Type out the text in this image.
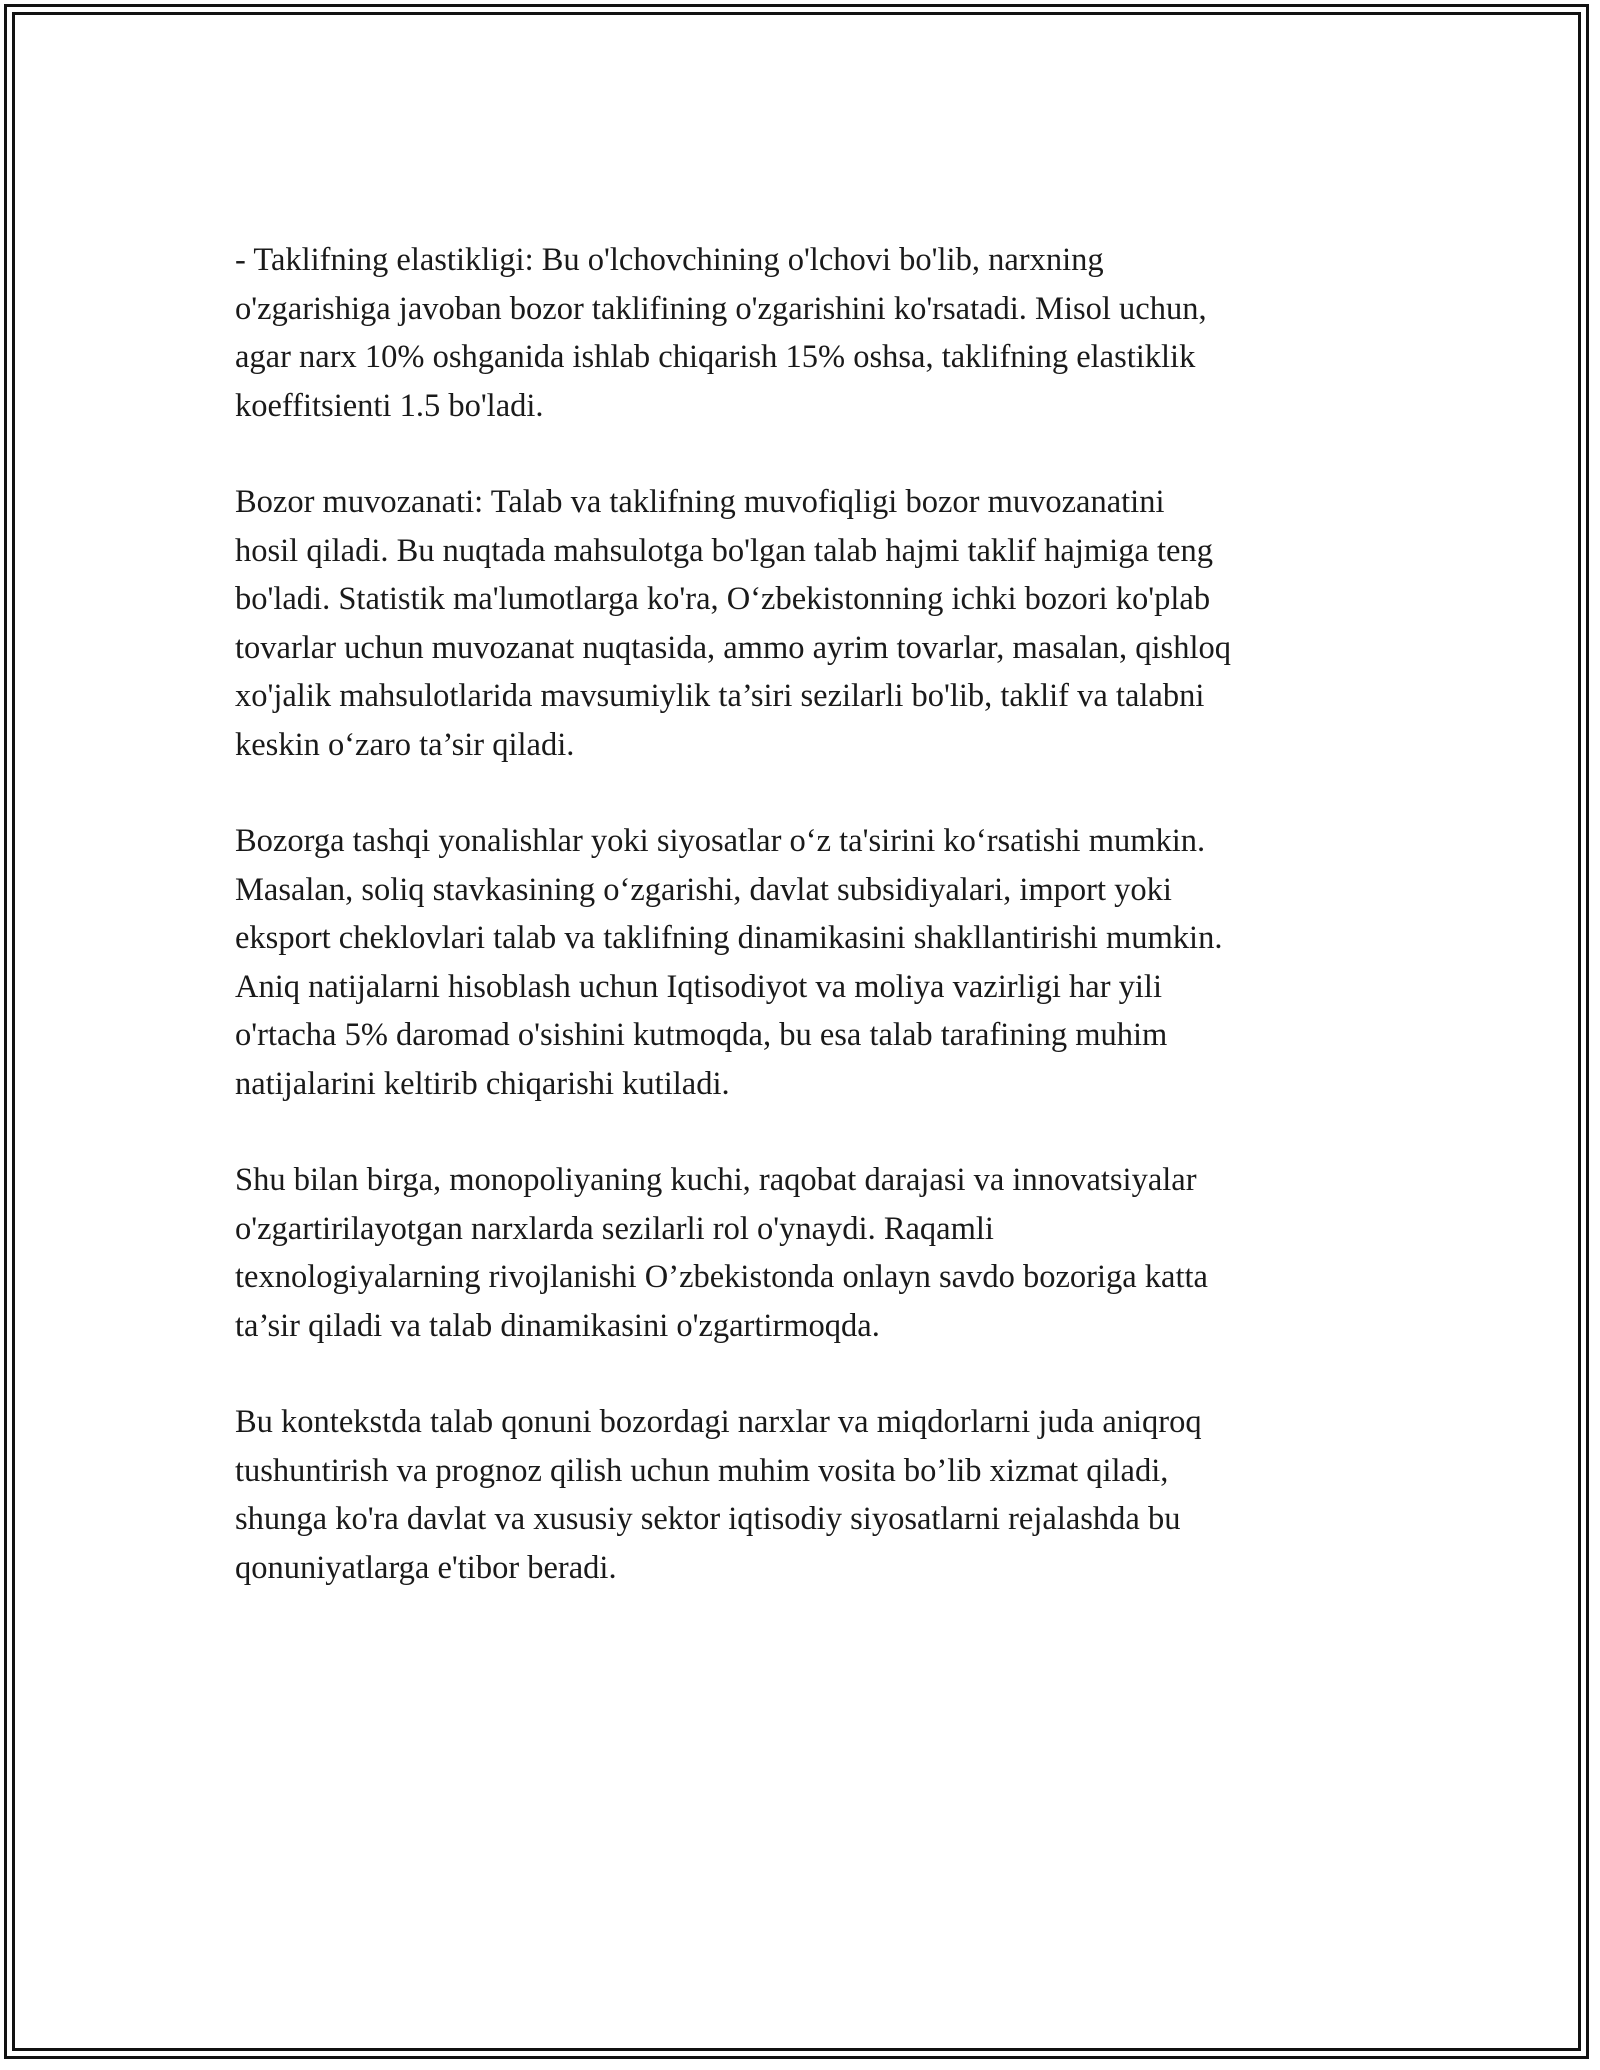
- Taklifning elastikligi: Bu o'lchovchining o'lchovi bo'lib, narxning
o'zgarishiga javoban bozor taklifining o'zgarishini ko'rsatadi. Misol uchun,
agar narx 10% oshganida ishlab chiqarish 15% oshsa, taklifning elastiklik
koeffitsienti 1.5 bo'ladi.

Bozor muvozanati: Talab va taklifning muvofiqligi bozor muvozanatini
hosil qiladi. Bu nuqtada mahsulotga bo'lgan talab hajmi taklif hajmiga teng
bo'ladi. Statistik ma'lumotlarga ko'ra, O‘zbekistonning ichki bozori ko'plab
tovarlar uchun muvozanat nuqtasida, ammo ayrim tovarlar, masalan, qishloq
xo'jalik mahsulotlarida mavsumiylik ta’siri sezilarli bo'lib, taklif va talabni
keskin o‘zaro ta’sir qiladi.

Bozorga tashqi yonalishlar yoki siyosatlar o‘z ta'sirini ko‘rsatishi mumkin.
Masalan, soliq stavkasining o‘zgarishi, davlat subsidiyalari, import yoki
eksport cheklovlari talab va taklifning dinamikasini shakllantirishi mumkin.
Aniq natijalarni hisoblash uchun Iqtisodiyot va moliya vazirligi har yili
o'rtacha 5% daromad o'sishini kutmoqda, bu esa talab tarafining muhim
natijalarini keltirib chiqarishi kutiladi.

Shu bilan birga, monopoliyaning kuchi, raqobat darajasi va innovatsiyalar
o'zgartirilayotgan narxlarda sezilarli rol o'ynaydi. Raqamli
texnologiyalarning rivojlanishi O’zbekistonda onlayn savdo bozoriga katta
ta’sir qiladi va talab dinamikasini o'zgartirmoqda.

Bu kontekstda talab qonuni bozordagi narxlar va miqdorlarni juda aniqroq
tushuntirish va prognoz qilish uchun muhim vosita bo’lib xizmat qiladi,
shunga ko'ra davlat va xususiy sektor iqtisodiy siyosatlarni rejalashda bu
qonuniyatlarga e'tibor beradi.
